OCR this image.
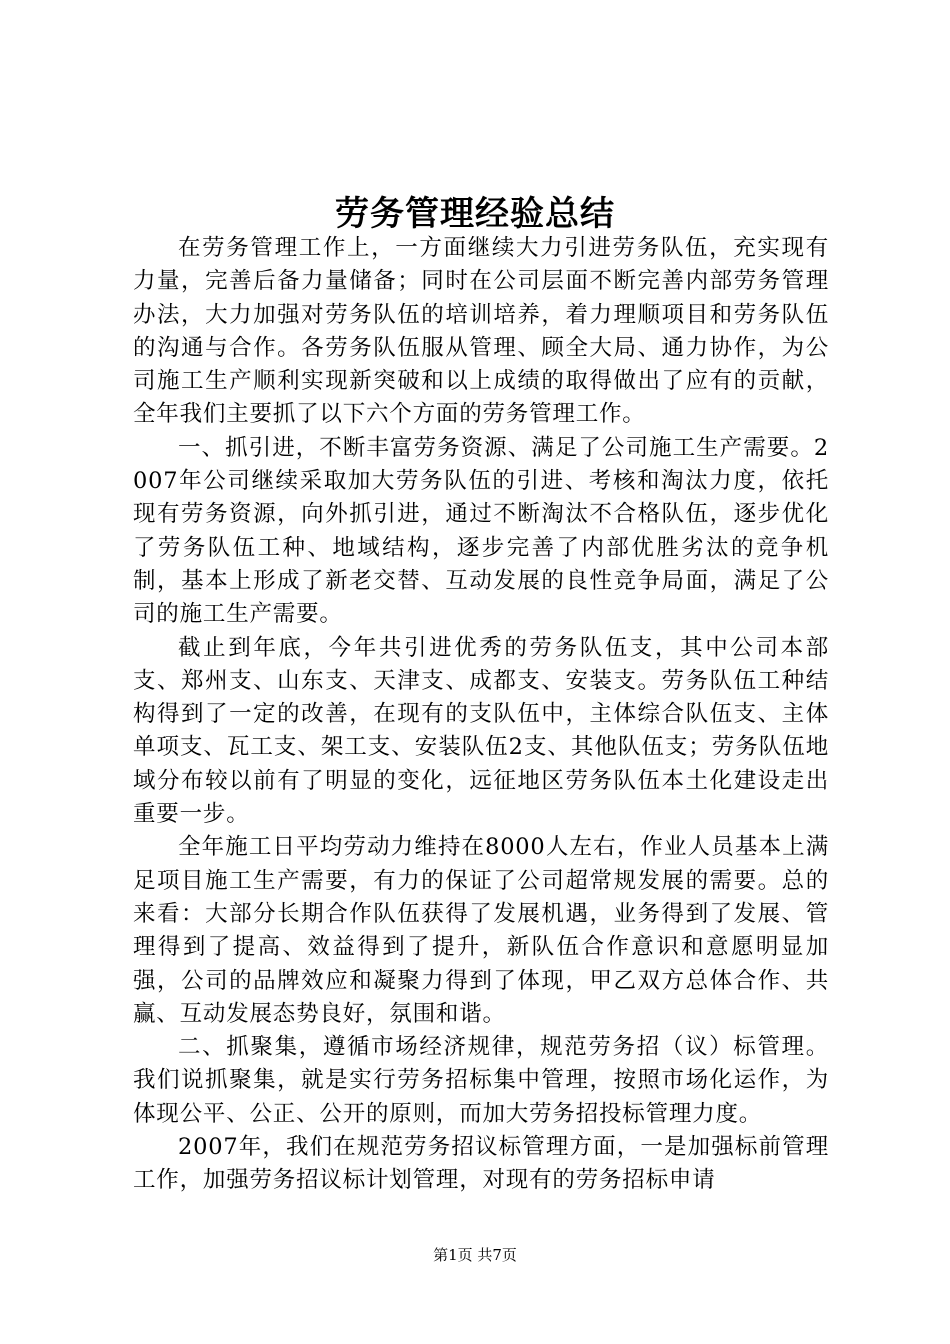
劳务管理经验总结

在劳务管理工作上，一方面继续大力引进劳务队伍，充实现有力量，完善后备力量储备；同时在公司层面不断完善内部劳务管理办法，大力加强对劳务队伍的培训培养，着力理顺项目和劳务队伍的沟通与合作。各劳务队伍服从管理、顾全大局、通力协作，为公司施工生产顺利实现新突破和以上成绩的取得做出了应有的贡献，全年我们主要抓了以下六个方面的劳务管理工作。

一、抓引进，不断丰富劳务资源、满足了公司施工生产需要。2007年公司继续采取加大劳务队伍的引进、考核和淘汰力度，依托现有劳务资源，向外抓引进，通过不断淘汰不合格队伍，逐步优化了劳务队伍工种、地域结构，逐步完善了内部优胜劣汰的竞争机制，基本上形成了新老交替、互动发展的良性竞争局面，满足了公司的施工生产需要。

截止到年底，今年共引进优秀的劳务队伍支，其中公司本部支、郑州支、山东支、天津支、成都支、安装支。劳务队伍工种结构得到了一定的改善，在现有的支队伍中，主体综合队伍支、主体单项支、瓦工支、架工支、安装队伍2支、其他队伍支；劳务队伍地域分布较以前有了明显的变化，远征地区劳务队伍本土化建设走出重要一步。

全年施工日平均劳动力维持在8000人左右，作业人员基本上满足项目施工生产需要，有力的保证了公司超常规发展的需要。总的来看：大部分长期合作队伍获得了发展机遇，业务得到了发展、管理得到了提高、效益得到了提升，新队伍合作意识和意愿明显加强，公司的品牌效应和凝聚力得到了体现，甲乙双方总体合作、共赢、互动发展态势良好，氛围和谐。

二、抓聚集，遵循市场经济规律，规范劳务招（议）标管理。我们说抓聚集，就是实行劳务招标集中管理，按照市场化运作，为体现公平、公正、公开的原则，而加大劳务招投标管理力度。

2007年，我们在规范劳务招议标管理方面，一是加强标前管理工作，加强劳务招议标计划管理，对现有的劳务招标申请

第1页 共7页
